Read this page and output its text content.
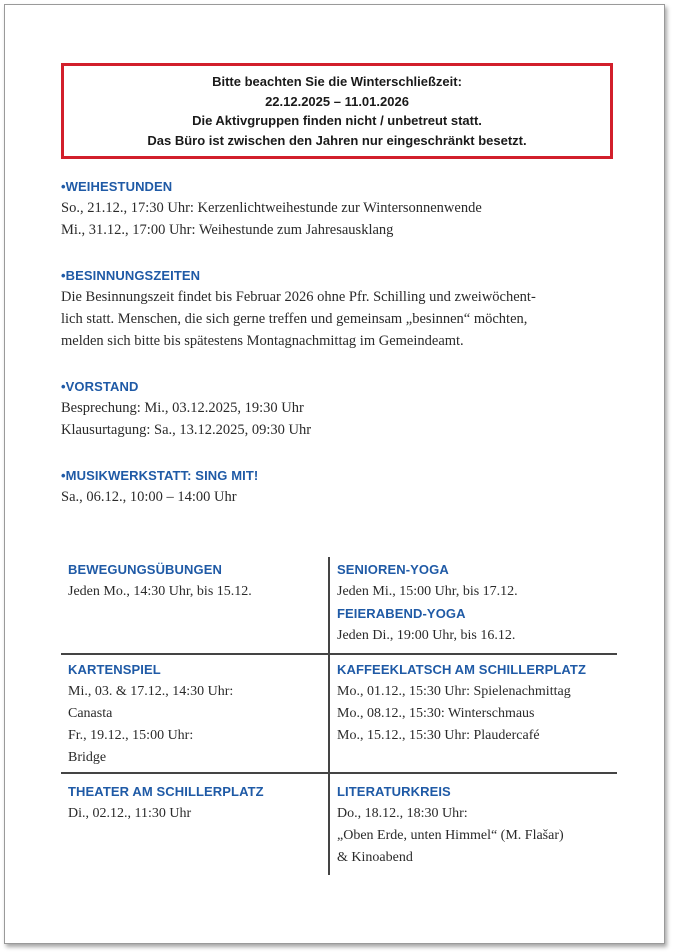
Bitte beachten Sie die Winterschließzeit:
22.12.2025 – 11.01.2026
Die Aktivgruppen finden nicht / unbetreut statt.
Das Büro ist zwischen den Jahren nur eingeschränkt besetzt.
•WEIHESTUNDEN
So., 21.12., 17:30 Uhr: Kerzenlichtweihestunde zur Wintersonnenwende
Mi., 31.12., 17:00 Uhr: Weihestunde zum Jahresausklang
•BESINNUNGSZEITEN
Die Besinnungszeit findet bis Februar 2026 ohne Pfr. Schilling und zweiwöchent-
lich statt. Menschen, die sich gerne treffen und gemeinsam „besinnen“ möchten,
melden sich bitte bis spätestens Montagnachmittag im Gemeindeamt.
•VORSTAND
Besprechung: Mi., 03.12.2025, 19:30 Uhr
Klausurtagung: Sa., 13.12.2025, 09:30 Uhr
•MUSIKWERKSTATT: SING MIT!
Sa., 06.12., 10:00 – 14:00 Uhr
BEWEGUNGSÜBUNGEN
Jeden Mo., 14:30 Uhr, bis 15.12.
SENIOREN-YOGA
Jeden Mi., 15:00 Uhr, bis 17.12.
FEIERABEND-YOGA
Jeden Di., 19:00 Uhr, bis 16.12.
KARTENSPIEL
Mi., 03. & 17.12., 14:30 Uhr:
Canasta
Fr., 19.12., 15:00 Uhr:
Bridge
KAFFEEKLATSCH AM SCHILLERPLATZ
Mo., 01.12., 15:30 Uhr: Spielenachmittag
Mo., 08.12., 15:30: Winterschmaus
Mo., 15.12., 15:30 Uhr: Plaudercafé
THEATER AM SCHILLERPLATZ
Di., 02.12., 11:30 Uhr
LITERATURKREIS
Do., 18.12., 18:30 Uhr:
„Oben Erde, unten Himmel“ (M. Flašar)
& Kinoabend
